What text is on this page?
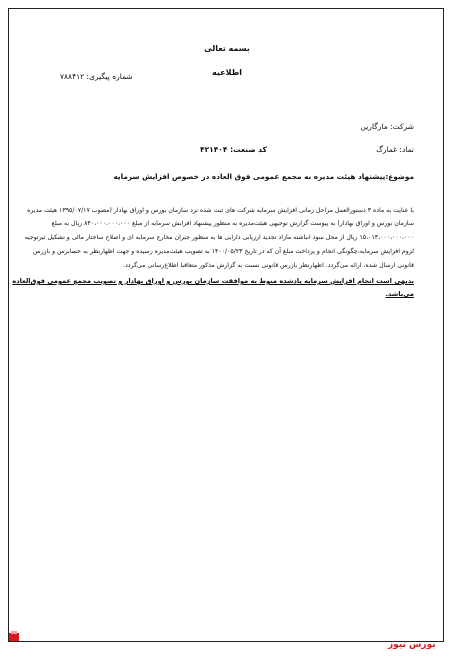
بسمه تعالی
اطلاعیه
شماره پیگیری: ۷۸۸۴۱۲
شرکت: مارگارین
نماد: غمارگ
کد صنعت: ۴۲۱۴۰۴
موضوع:پیشنهاد هیئت مدیره به مجمع عمومی فوق العاده در خصوص افزایش سرمایه
با عنایت به ماده ۳ دستورالعمل مراحل زمانی افزایش سرمایه شرکت های ثبت شده نزد سازمان بورس و اوراق بهادار (مصوب ۱۳۹۵/۰۷/۱۷ هیئت مدیره
سازمان بورس و اوراق بهادار) به پیوست گزارش توجیهی هیئت‌مدیره به منظور پیشنهاد افزایش سرمایه از مبلغ ۸۴۰،۰۰۰،۰۰۰،۰۰۰ ریال به مبلغ
۱۵،۰۱۳،۰۰۰،۰۰۰،۰۰۰ ریال از محل سود انباشته مازاد تجدید ارزیابی دارایی ها به منظور جبران مخارج سرمایه ای و اصلاح ساختار مالی و تشکیل تیرتوجیه
لزوم افزایش سرمایه،چگونگی انجام و پرداخت مبلغ آن که در تاریخ ۱۴۰۰/۰۵/۲۳ به تصویب هیئت‌مدیره رسیده و جهت اظهارنظر به حسابرس و بازرس
قانونی ارسال شده، ارائه می‌گردد. اظهارنظر بازرس قانونی نسبت به گزارش مذکور متعاقبا اطلاع‌رسانی می‌گردد.
بدیهی است انجام افزایش سرمایه یادشده منوط به موافقت سازمان بورس و اوراق بهادار و تصویب مجمع عمومی فوق‌العاده
می‌باشد.
بورس نیوز
